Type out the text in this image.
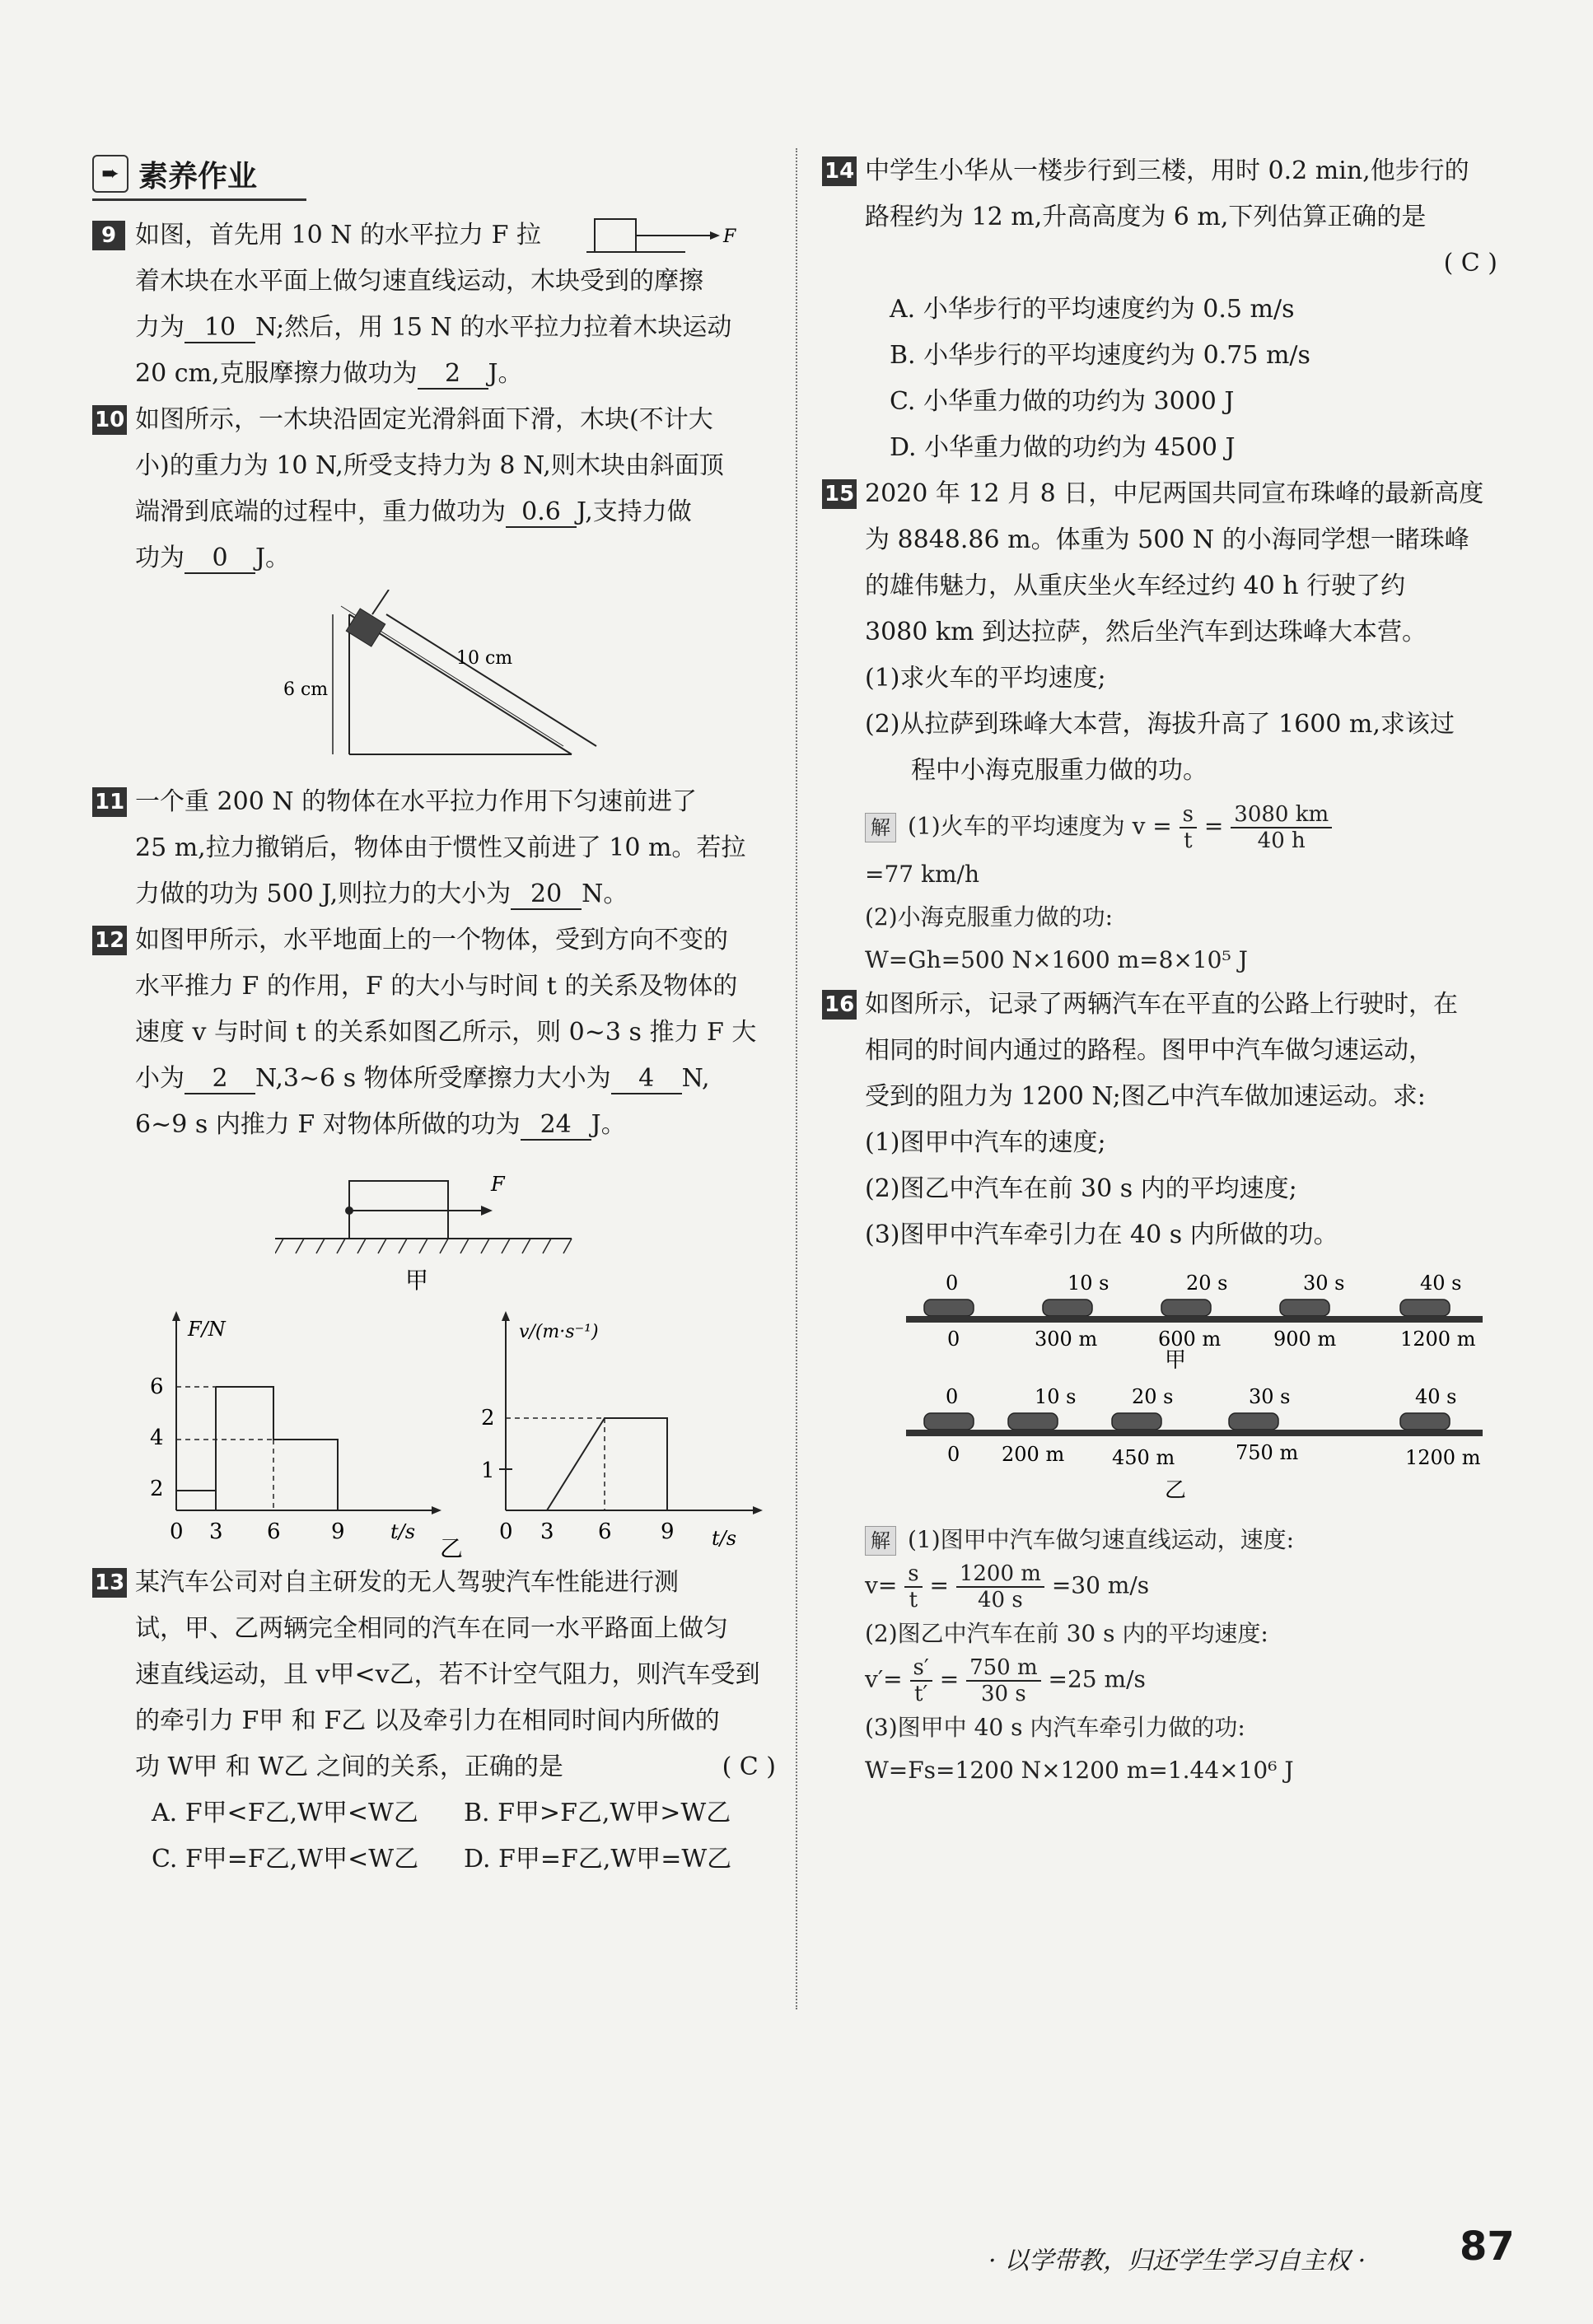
➨ 素养作业
9	F
如图，首先用 10 N 的水平拉力 F 拉
着木块在水平面上做匀速直线运动，木块受到的摩擦
力为 10 N;然后，用 15 N 的水平拉力拉着木块运动
20 cm,克服摩擦力做功为 2 J。
10 如图所示，一木块沿固定光滑斜面下滑，木块(不计大
小)的重力为 10 N,所受支持力为 8 N,则木块由斜面顶
端滑到底端的过程中，重力做功为 0.6 J,支持力做
功为 0 J。
10 cm
6 cm
11 一个重 200 N 的物体在水平拉力作用下匀速前进了
25 m,拉力撤销后，物体由于惯性又前进了 10 m。若拉
力做的功为 500 J,则拉力的大小为 20 N。
12 如图甲所示，水平地面上的一个物体，受到方向不变的
水平推力 F 的作用，F 的大小与时间 t 的关系及物体的
速度 v 与时间 t 的关系如图乙所示，则 0~3 s 推力 F 大
小为 2 N,3~6 s 物体所受摩擦力大小为 4 N,
6~9 s 内推力 F 对物体所做的功为 24 J。
F
甲
F/N
6
4
2
0 3 6 9 t/s
v/(m·s⁻¹)
2
1
0 3 6 9 t/s
乙
13 某汽车公司对自主研发的无人驾驶汽车性能进行测
试，甲、乙两辆完全相同的汽车在同一水平路面上做匀
速直线运动，且 v甲<v乙，若不计空气阻力，则汽车受到
的牵引力 F甲 和 F乙 以及牵引力在相同时间内所做的
功 W甲 和 W乙 之间的关系，正确的是	( C )
A. F甲<F乙,W甲<W乙	B. F甲>F乙,W甲>W乙
C. F甲=F乙,W甲<W乙	D. F甲=F乙,W甲=W乙
14 中学生小华从一楼步行到三楼，用时 0.2 min,他步行的
路程约为 12 m,升高高度为 6 m,下列估算正确的是
( C )
A. 小华步行的平均速度约为 0.5 m/s
B. 小华步行的平均速度约为 0.75 m/s
C. 小华重力做的功约为 3000 J
D. 小华重力做的功约为 4500 J
15 2020 年 12 月 8 日，中尼两国共同宣布珠峰的最新高度
为 8848.86 m。体重为 500 N 的小海同学想一睹珠峰
的雄伟魅力，从重庆坐火车经过约 40 h 行驶了约
3080 km 到达拉萨，然后坐汽车到达珠峰大本营。
(1)求火车的平均速度;
(2)从拉萨到珠峰大本营，海拔升高了 1600 m,求该过
程中小海克服重力做的功。
解 (1)火车的平均速度为 $v = \frac{s}{t} = \frac{3080 km}{40 h}$
=77 km/h
(2)小海克服重力做的功:
W=Gh=500 N×1600 m=8×10⁵ J
16 如图所示，记录了两辆汽车在平直的公路上行驶时，在
相同的时间内通过的路程。图甲中汽车做匀速运动，
受到的阻力为 1200 N;图乙中汽车做加速运动。求:
(1)图甲中汽车的速度;
(2)图乙中汽车在前 30 s 内的平均速度;
(3)图甲中汽车牵引力在 40 s 内所做的功。
0	10 s	20 s	30 s	40 s
0	300 m	600 m	900 m	1200 m
甲
0	10 s	20 s	30 s	40 s
0 200 m 450 m	750 m	1200 m
乙
解 (1)图甲中汽车做匀速直线运动，速度:
$v= \frac{s}{t} = \frac{1200 m}{40 s} =30$ m/s
(2)图乙中汽车在前 30 s 内的平均速度:
$v'= \frac{s'}{t'} = \frac{750 m}{30 s} =25$ m/s
(3)图甲中 40 s 内汽车牵引力做的功:
W=Fs=1200 N×1200 m=1.44×10⁶ J
· 以学带教，归还学生学习自主权 · 87
